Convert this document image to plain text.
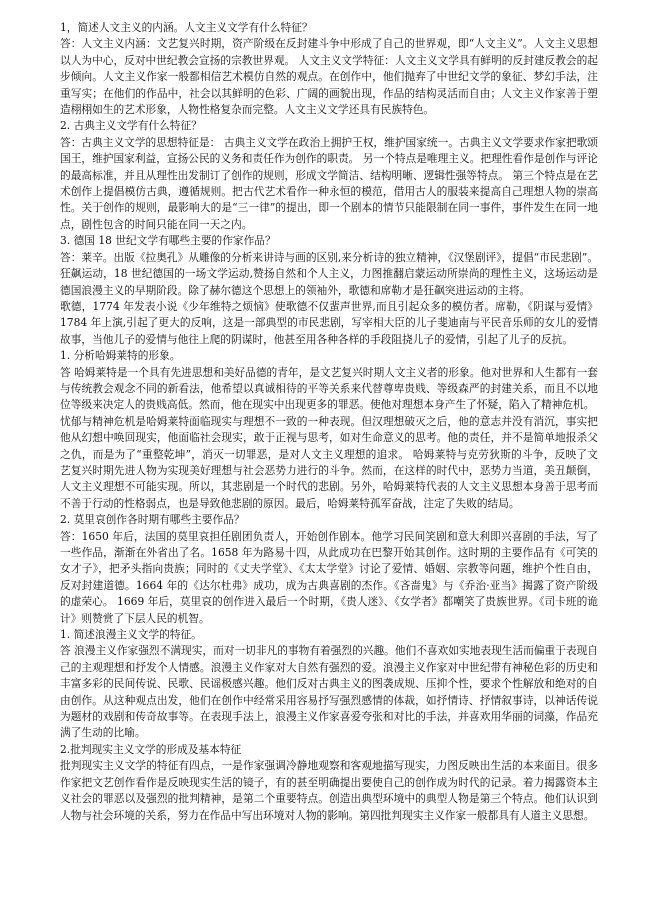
1，简述人文主义的内涵。人文主义文学有什么特征？
答：人文主义内涵：文艺复兴时期，资产阶级在反封建斗争中形成了自己的世界观，即“人文主义”。人文主义思想以人为中心，反对中世纪教会宣扬的宗教世界观。 人文主义文学特征：人文主义文学具有鲜明的反封建反教会的起步倾向。人文主义作家一般都相信艺术模仿自然的观点。在创作中，他们抛弃了中世纪文学的象征、梦幻手法，注重写实；在他们的作品中，社会以其鲜明的色彩、广阔的画貌出现，作品的结构灵活而自由；人文主义作家善于塑造栩栩如生的艺术形象，人物性格复杂而完整。人文主义文学还具有民族特色。
2. 古典主义文学有什么特征？
答：古典主义文学的思想特征是： 古典主义文学在政治上拥护王权，维护国家统一。古典主义文学要求作家把歌颂国王，维护国家利益，宣扬公民的义务和责任作为创作的职责。 另一个特点是唯理主义。把理性看作是创作与评论的最高标准，并且从理性出发制订了创作的规则，形成文学简洁、结构明晰、逻辑性强等特点。 第三个特点是在艺术创作上提倡模仿古典，遵循规则。把古代艺术看作一种永恒的模范，借用古人的服装来提高自己理想人物的崇高性。关于创作的规则，最影响大的是“三一律”的提出，即一个剧本的情节只能限制在同一事件，事件发生在同一地点，剧性包含的时间只能在同一天之内。
3. 德国 18 世纪文学有哪些主要的作家作品？
答：莱辛。出版《拉奥孔》从雕像的分析来讲诗与画的区别,来分析诗的独立精神，《汉堡剧评》，提倡“市民悲剧”。狂飙运动，18 世纪德国的一场文学运动,赞扬自然和个人主义，力图推翻启蒙运动所崇尚的理性主义，这场运动是德国浪漫主义的早期阶段。除了赫尔德这个思想上的领袖外，歌德和席勒才是狂飙突进运动的主将。
歌德，1774 年发表小说《少年维特之烦恼》使歌德不仅蜚声世界,而且引起众多的模仿者。席勒，《阴谋与爱情》1784 年上演,引起了更大的反响，这是一部典型的市民悲剧，写宰相大臣的儿子斐迪南与平民音乐师的女儿的爱情故事，当他儿子的爱情与他往上爬的阴谋时，他甚至用各种各样的手段阻挠儿子的爱情，引起了儿子的反抗。
1. 分析哈姆莱特的形象。
答 哈姆莱特是一个具有先进思想和美好品德的青年，是文艺复兴时期人文主义者的形象。他对世界和人生都有一套与传统教会观念不同的新看法，他希望以真诚相待的平等关系来代替尊卑贵贱、等级森严的封建关系，而且不以地位等级来决定人的贵贱高低。然而，他在现实中出现更多的罪恶。使他对理想本身产生了怀疑，陷入了精神危机。
忧郁与精神危机是哈姆莱特面临现实与理想不一致的一种表现。但汉理想破灭之后，他的意志并没有消沉，事实把他从幻想中唤回现实，他面临社会现实，敢于正视与思考，如对生命意义的思考。他的责任，并不是简单地报杀父之仇，而是为了“重整乾坤”，消灭一切罪恶，是对人文主义理想的追求。 哈姆莱特与克劳狄斯的斗争，反映了文艺复兴时期先进人物为实现美好理想与社会恶势力进行的斗争。然而，在这样的时代中，恶势力当道，美丑颠倒，人文主义理想不可能实现。所以，其悲剧是一个时代的悲剧。另外，哈姆莱特代表的人文主义思想本身善于思考而不善于行动的性格弱点，也是导致他悲剧的原因。最后，哈姆莱特孤军奋战，注定了失败的结局。
2. 莫里哀创作各时期有哪些主要作品？
答：1650 年后，法国的莫里哀担任剧团负责人，开始创作剧本。他学习民间笑剧和意大利即兴喜剧的手法，写了一些作品，渐渐在外省出了名。1658 年为路易十四，从此成功在巴黎开始其创作。这时期的主要作品有《可笑的女才子》，把矛头指向贵族；同时的《丈夫学堂》、《太太学堂》讨论了爱情、婚姻、宗教等问题，维护个性自由，反对封建道德。1664 年的《达尔杜弗》成功，成为古典喜剧的杰作。《吝啬鬼》与《乔治·亚当》揭露了资产阶级的虚荣心。 1669 年后，莫里哀的创作进入最后一个时期，《贵人迷》、《女学者》都嘲笑了贵族世界。《司卡班的诡计》则赞赏了下层人民的机智。
1. 简述浪漫主义文学的特征。
答 浪漫主义作家强烈不满现实，而对一切非凡的事物有着强烈的兴趣。他们不喜欢如实地表现生活而偏重于表现自己的主观理想和抒发个人情感。浪漫主义作家对大自然有强烈的爱。浪漫主义作家对中世纪带有神秘色彩的历史和丰富多彩的民间传说、民歌、民谣极感兴趣。他们反对古典主义的图袭成规、压抑个性，要求个性解放和绝对的自由创作。从这种观点出发，他们在创作中经常采用容易抒写强烈感情的体裁，如抒情诗、抒情叙事诗，以神话传说为题材的戏剧和传奇故事等。在表现手法上，浪漫主义作家喜爱夸张和对比的手法，并喜欢用华丽的词藻，作品充满了生动的比喻。
2.批判现实主义文学的形成及基本特征
批判现实主义文学的特征有四点，一是作家强调冷静地观察和客观地描写现实，力图反映出生活的本来面目。很多作家把文艺创作看作是反映现实生活的镜子，有的甚至明确提出要使自己的创作成为时代的记录。着力揭露资本主义社会的罪恶以及强烈的批判精神，是第二个重要特点。创造出典型环境中的典型人物是第三个特点。他们认识到人物与社会环境的关系，努力在作品中写出环境对人物的影响。第四批判现实主义作家一般都具有人道主义思想。
